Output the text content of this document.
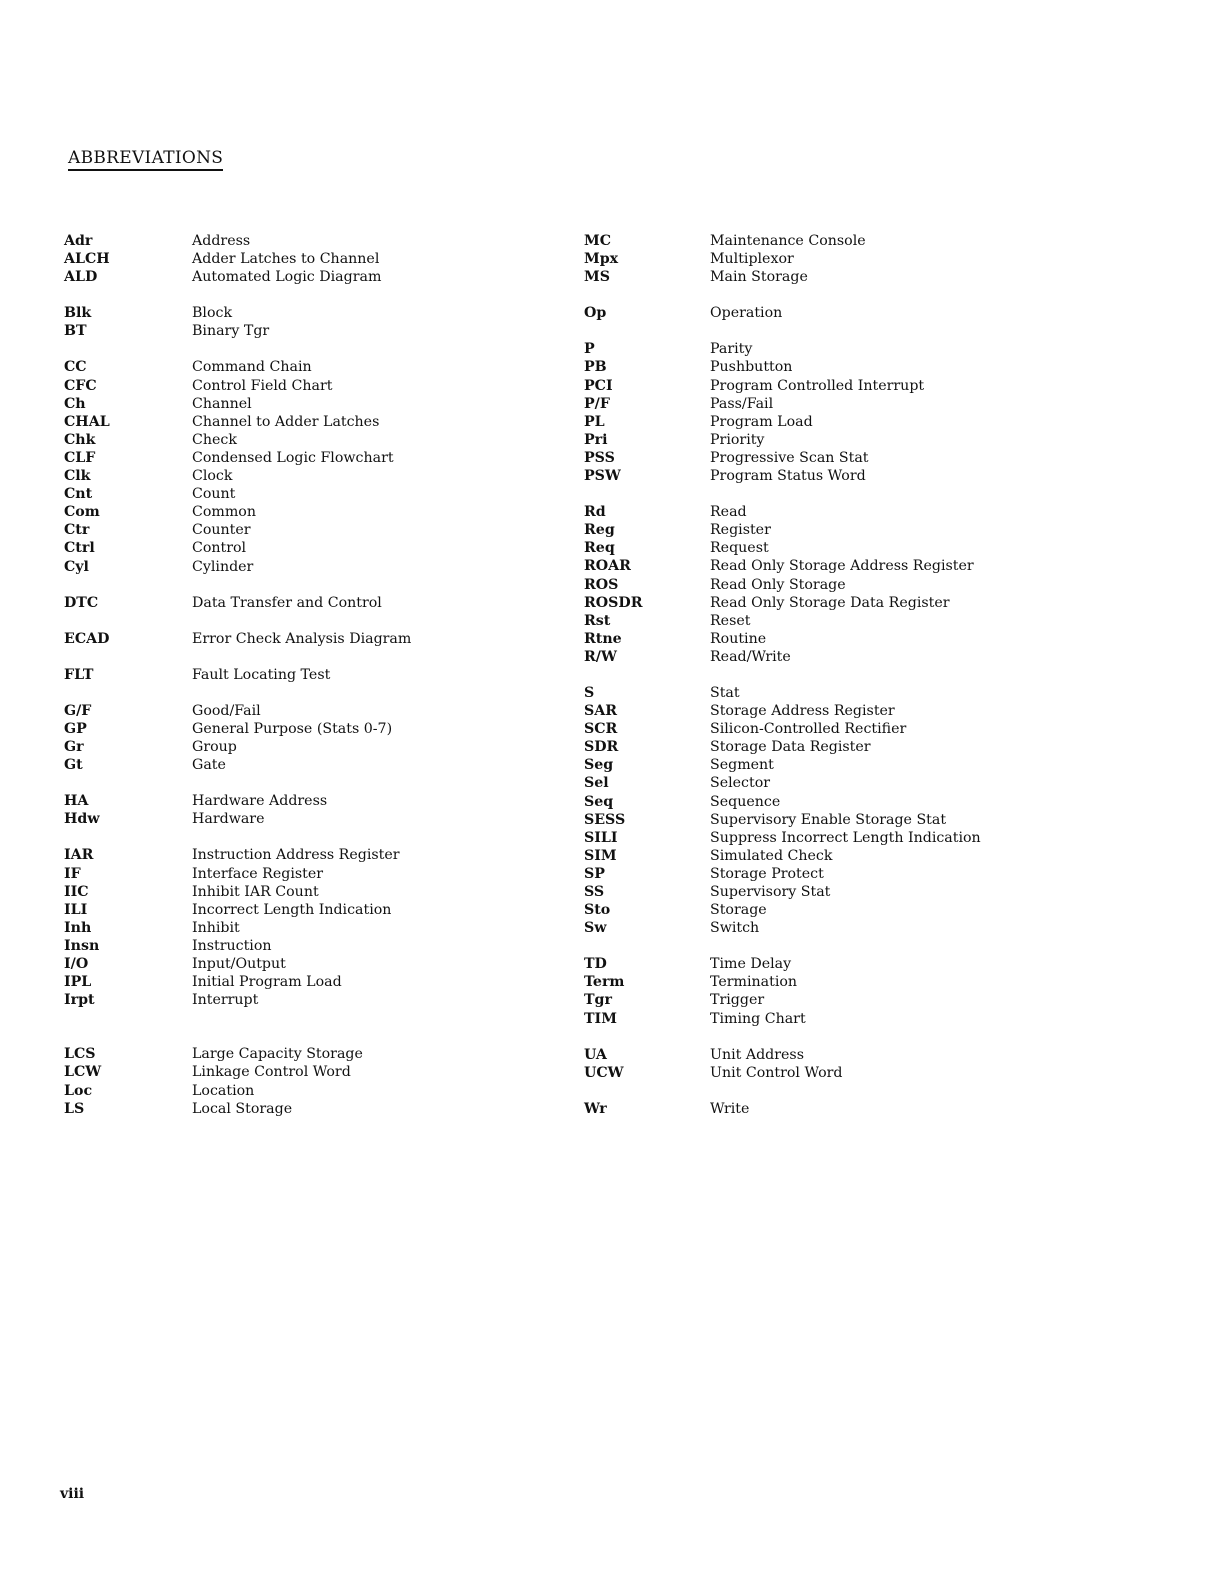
ABBREVIATIONS
Adr	Address
ALCH	Adder Latches to Channel
ALD	Automated Logic Diagram
Blk	Block
BT	Binary Tgr
CC	Command Chain
CFC	Control Field Chart
Ch	Channel
CHAL	Channel to Adder Latches
Chk	Check
CLF	Condensed Logic Flowchart
Clk	Clock
Cnt	Count
Com	Common
Ctr	Counter
Ctrl	Control
Cyl	Cylinder
DTC	Data Transfer and Control
ECAD	Error Check Analysis Diagram
FLT	Fault Locating Test
G/F	Good/Fail
GP	General Purpose (Stats 0-7)
Gr	Group
Gt	Gate
HA	Hardware Address
Hdw	Hardware
IAR	Instruction Address Register
IF	Interface Register
IIC	Inhibit IAR Count
ILI	Incorrect Length Indication
Inh	Inhibit
Insn	Instruction
I/O	Input/Output
IPL	Initial Program Load
Irpt	Interrupt
LCS	Large Capacity Storage
LCW	Linkage Control Word
Loc	Location
LS	Local Storage
MC	Maintenance Console
Mpx	Multiplexor
MS	Main Storage
Op	Operation
P	Parity
PB	Pushbutton
PCI	Program Controlled Interrupt
P/F	Pass/Fail
PL	Program Load
Pri	Priority
PSS	Progressive Scan Stat
PSW	Program Status Word
Rd	Read
Reg	Register
Req	Request
ROAR	Read Only Storage Address Register
ROS	Read Only Storage
ROSDR	Read Only Storage Data Register
Rst	Reset
Rtne	Routine
R/W	Read/Write
S	Stat
SAR	Storage Address Register
SCR	Silicon-Controlled Rectifier
SDR	Storage Data Register
Seg	Segment
Sel	Selector
Seq	Sequence
SESS	Supervisory Enable Storage Stat
SILI	Suppress Incorrect Length Indication
SIM	Simulated Check
SP	Storage Protect
SS	Supervisory Stat
Sto	Storage
Sw	Switch
TD	Time Delay
Term	Termination
Tgr	Trigger
TIM	Timing Chart
UA	Unit Address
UCW	Unit Control Word
Wr	Write
viii
